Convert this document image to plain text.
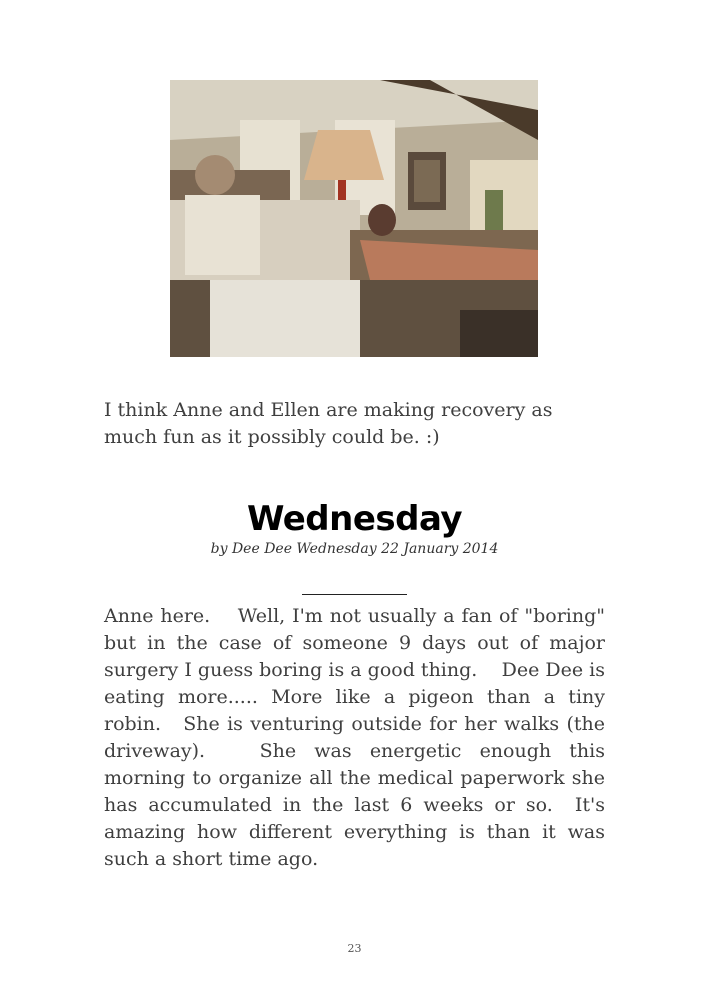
I think Anne and Ellen are making recovery as much fun as it possibly could be. :)

Wednesday

by Dee Dee Wednesday 22 January 2014

Anne here.    Well, I'm not usually a fan of "boring" but in the case of someone 9 days out of major surgery I guess boring is a good thing.    Dee Dee is eating more..... More like a pigeon than a tiny robin.   She is venturing outside for her walks (the driveway).   She was energetic enough this morning to organize all the medical paperwork she has accumulated in the last 6 weeks or so.  It's amazing how different everything is than it was such a short time ago.

23
